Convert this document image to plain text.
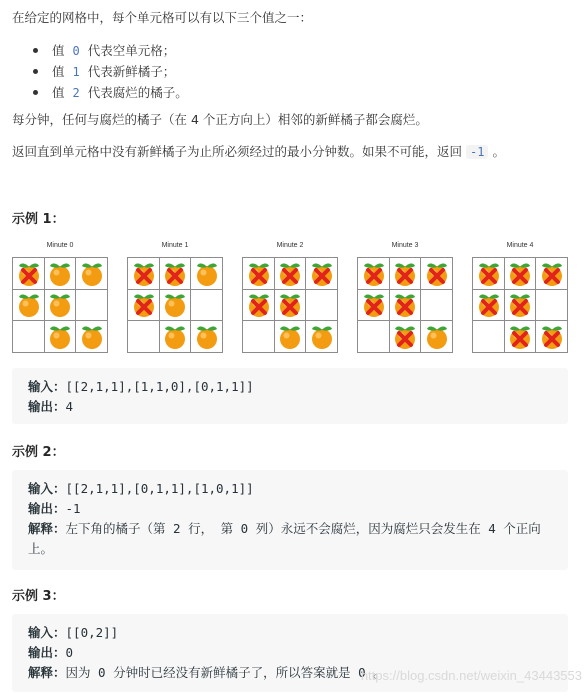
在给定的网格中，每个单元格可以有以下三个值之一：

值 0 代表空单元格；
值 1 代表新鲜橘子；
值 2 代表腐烂的橘子。

每分钟，任何与腐烂的橘子（在 4 个正方向上）相邻的新鲜橘子都会腐烂。

返回直到单元格中没有新鲜橘子为止所必须经过的最小分钟数。如果不可能，返回 -1 。

示例 1：
Minute 0	Minute 1	Minute 2	Minute 3	Minute 4
输入：[[2,1,1],[1,1,0],[0,1,1]]
输出：4
示例 2：
输入：[[2,1,1],[0,1,1],[1,0,1]]
输出：-1
解释：左下角的橘子（第 2 行， 第 0 列）永远不会腐烂，因为腐烂只会发生在 4 个正向上。
示例 3：
输入：[[0,2]]
输出：0
解释：因为 0 分钟时已经没有新鲜橘子了，所以答案就是 0 。
https://blog.csdn.net/weixin_43443553
